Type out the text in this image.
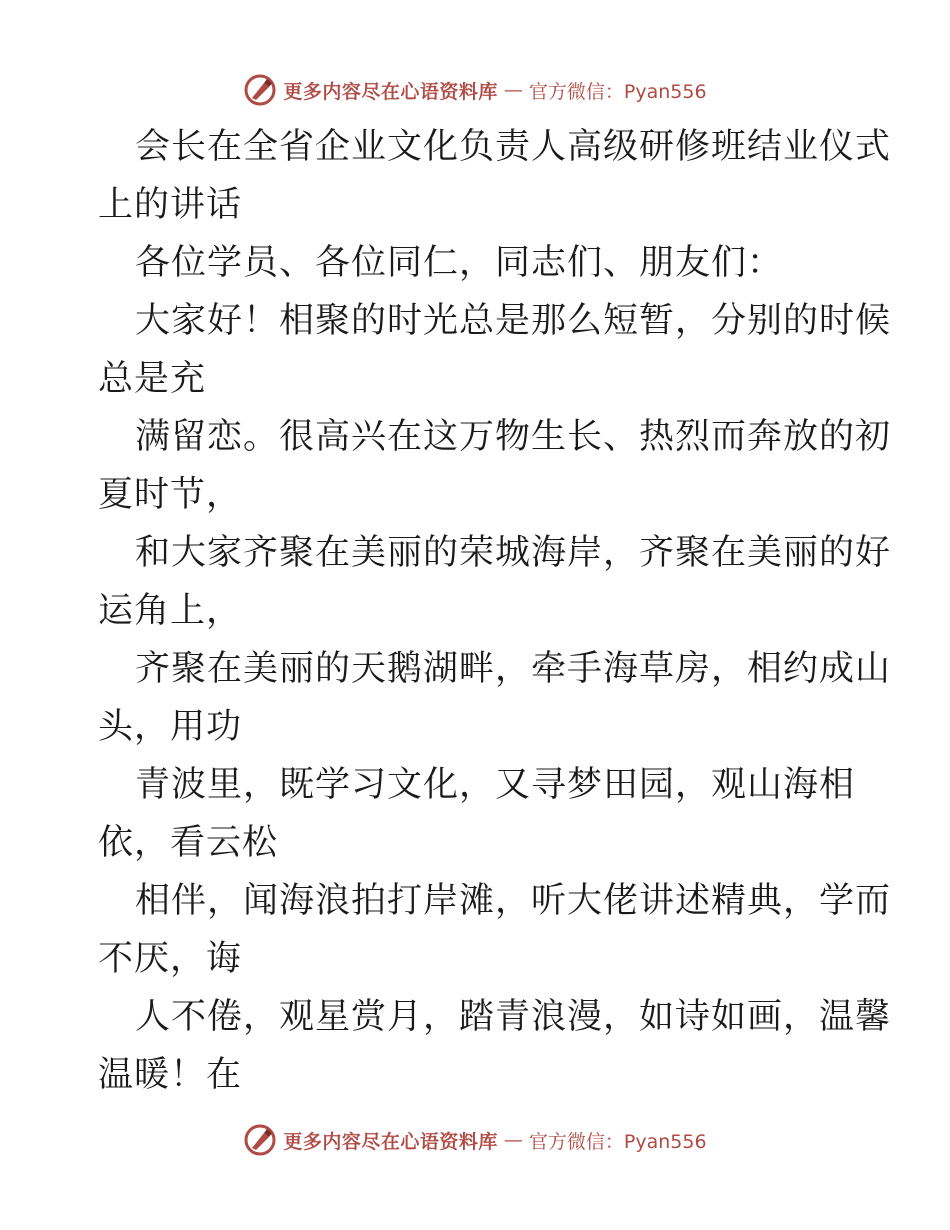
更多内容尽在心语资料库 — 官方微信：Pyan556
会长在全省企业文化负责人高级研修班结业仪式
上的讲话
各位学员、各位同仁，同志们、朋友们：
大家好！相聚的时光总是那么短暂，分别的时候
总是充
满留恋。很高兴在这万物生长、热烈而奔放的初
夏时节，
和大家齐聚在美丽的荣城海岸，齐聚在美丽的好
运角上，
齐聚在美丽的天鹅湖畔，牵手海草房，相约成山
头，用功
青波里，既学习文化，又寻梦田园，观山海相
依，看云松
相伴，闻海浪拍打岸滩，听大佬讲述精典，学而
不厌，诲
人不倦，观星赏月，踏青浪漫，如诗如画，温馨
温暖！在
更多内容尽在心语资料库 — 官方微信：Pyan556
